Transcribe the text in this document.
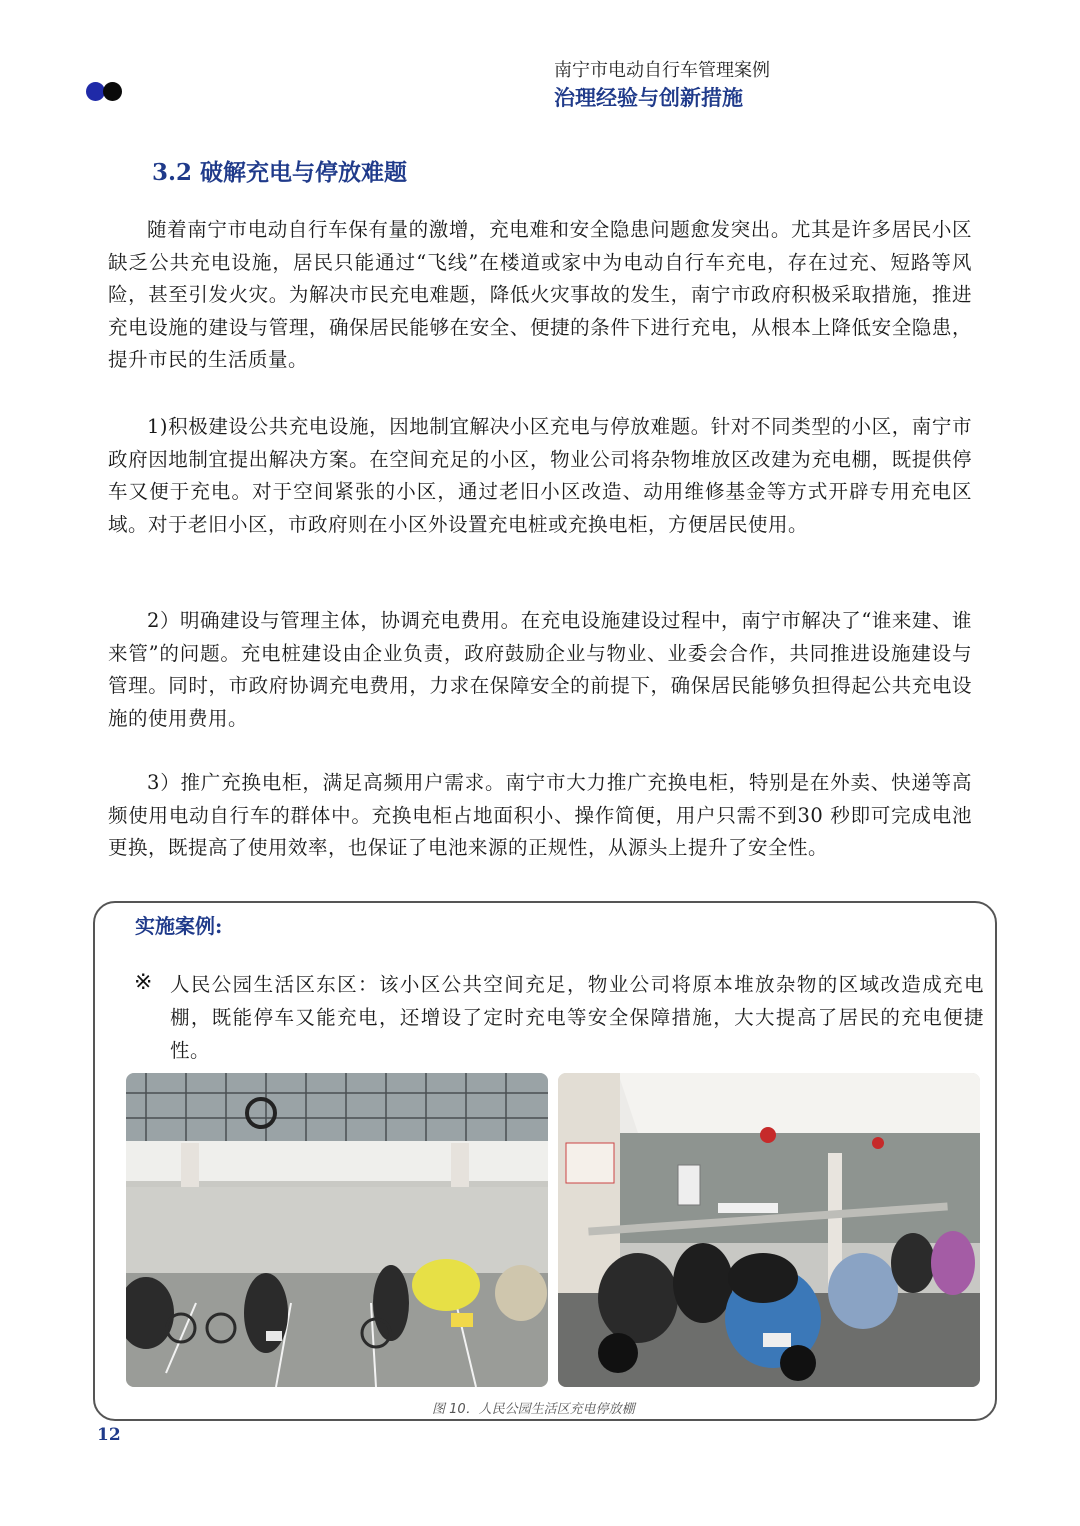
南宁市电动自行车管理案例
治理经验与创新措施
3.2 破解充电与停放难题

随着南宁市电动自行车保有量的激增，充电难和安全隐患问题愈发突出。尤其是许多居民小区缺乏公共充电设施，居民只能通过“飞线”在楼道或家中为电动自行车充电，存在过充、短路等风险，甚至引发火灾。为解决市民充电难题，降低火灾事故的发生，南宁市政府积极采取措施，推进充电设施的建设与管理，确保居民能够在安全、便捷的条件下进行充电，从根本上降低安全隐患，提升市民的生活质量。

1)积极建设公共充电设施，因地制宜解决小区充电与停放难题。针对不同类型的小区，南宁市政府因地制宜提出解决方案。在空间充足的小区，物业公司将杂物堆放区改建为充电棚，既提供停车又便于充电。对于空间紧张的小区，通过老旧小区改造、动用维修基金等方式开辟专用充电区域。对于老旧小区，市政府则在小区外设置充电桩或充换电柜，方便居民使用。

2）明确建设与管理主体，协调充电费用。在充电设施建设过程中，南宁市解决了“谁来建、谁来管”的问题。充电桩建设由企业负责，政府鼓励企业与物业、业委会合作，共同推进设施建设与管理。同时，市政府协调充电费用，力求在保障安全的前提下，确保居民能够负担得起公共充电设施的使用费用。

3）推广充换电柜，满足高频用户需求。南宁市大力推广充换电柜，特别是在外卖、快递等高频使用电动自行车的群体中。充换电柜占地面积小、操作简便，用户只需不到30 秒即可完成电池更换，既提高了使用效率，也保证了电池来源的正规性，从源头上提升了安全性。

实施案例:
※ 人民公园生活区东区：该小区公共空间充足，物业公司将原本堆放杂物的区域改造成充电棚，既能停车又能充电，还增设了定时充电等安全保障措施，大大提高了居民的充电便捷性。

图 10．人民公园生活区充电停放棚
12
